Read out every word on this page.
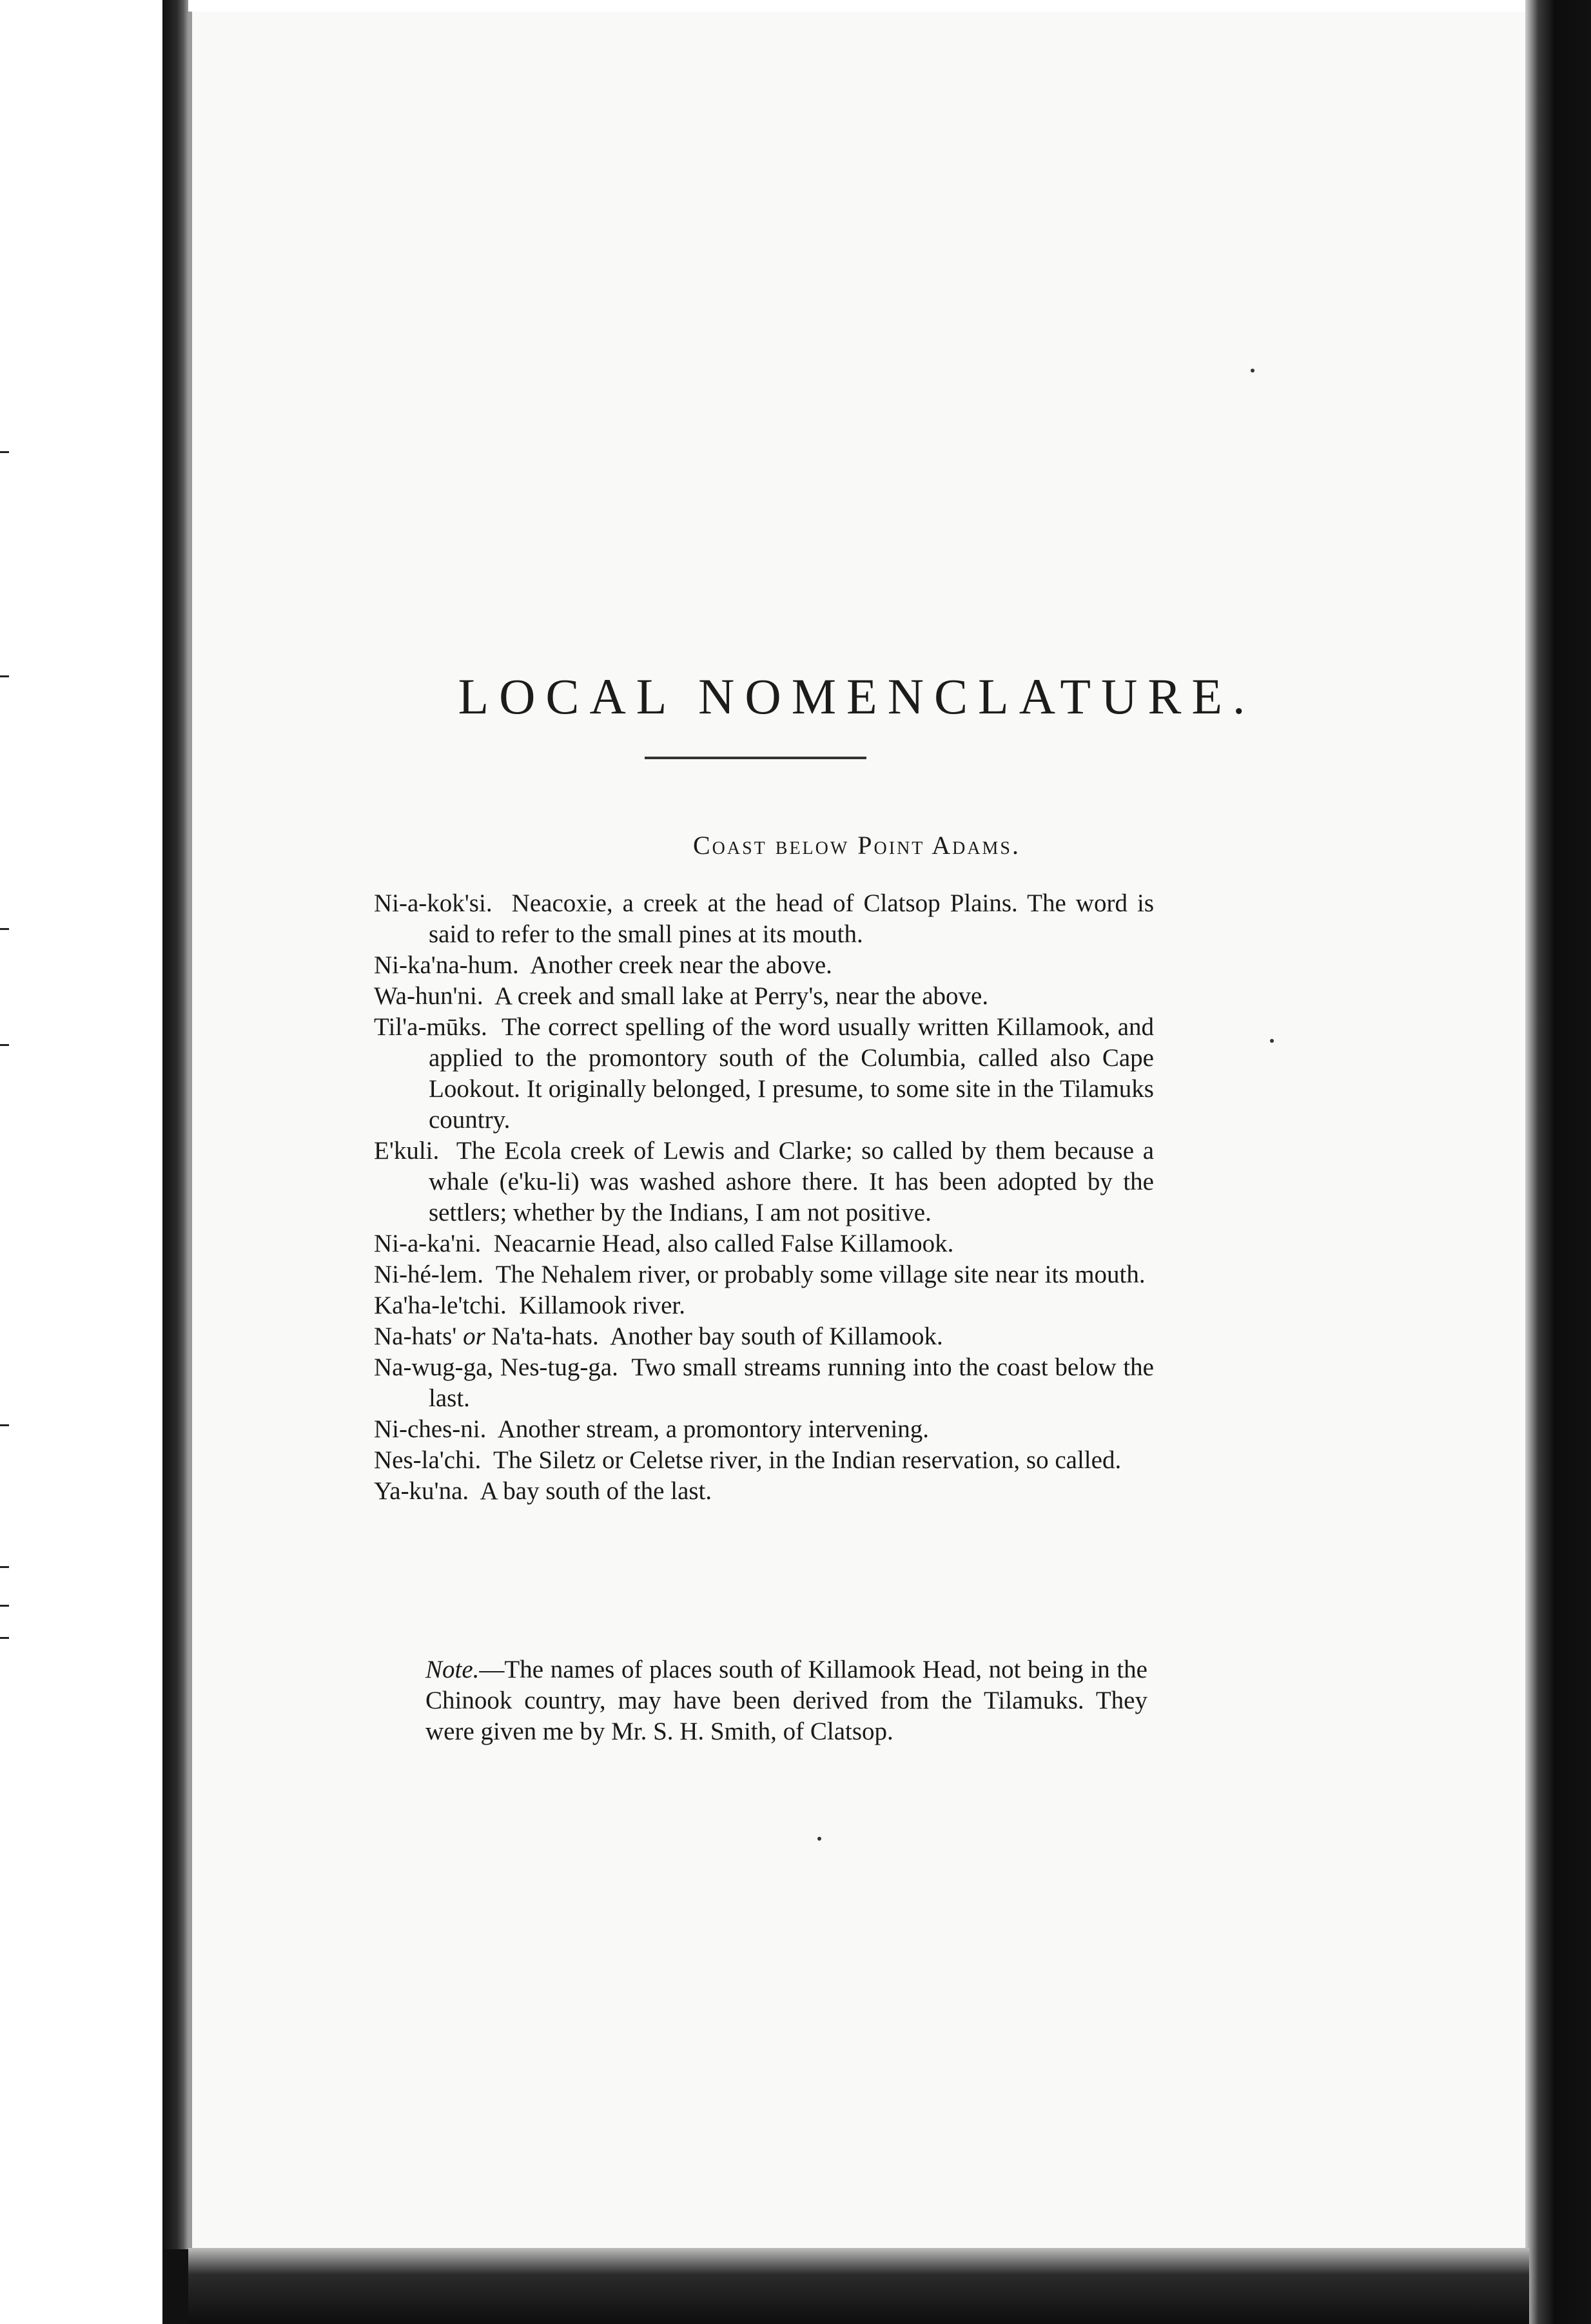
LOCAL NOMENCLATURE.
Coast below Point Adams.

Ni-a-kok'si. Neacoxie, a creek at the head of Clatsop Plains. The word is said to refer to the small pines at its mouth.

Ni-ka'na-hum. Another creek near the above.

Wa-hun'ni. A creek and small lake at Perry's, near the above.

Til'a-mūks. The correct spelling of the word usually written Killamook, and applied to the promontory south of the Columbia, called also Cape Lookout. It originally belonged, I presume, to some site in the Tilamuks country.

E'kuli. The Ecola creek of Lewis and Clarke; so called by them because a whale (e'ku-li) was washed ashore there. It has been adopted by the settlers; whether by the Indians, I am not positive.

Ni-a-ka'ni. Neacarnie Head, also called False Killamook.

Ni-hé-lem. The Nehalem river, or probably some village site near its mouth.

Ka'ha-le'tchi. Killamook river.

Na-hats' or Na'ta-hats. Another bay south of Killamook.

Na-wug-ga, Nes-tug-ga. Two small streams running into the coast below the last.

Ni-ches-ni. Another stream, a promontory intervening.

Nes-la'chi. The Siletz or Celetse river, in the Indian reservation, so called.

Ya-ku'na. A bay south of the last.

Note.—The names of places south of Killamook Head, not being in the Chinook country, may have been derived from the Tilamuks. They were given me by Mr. S. H. Smith, of Clatsop.
